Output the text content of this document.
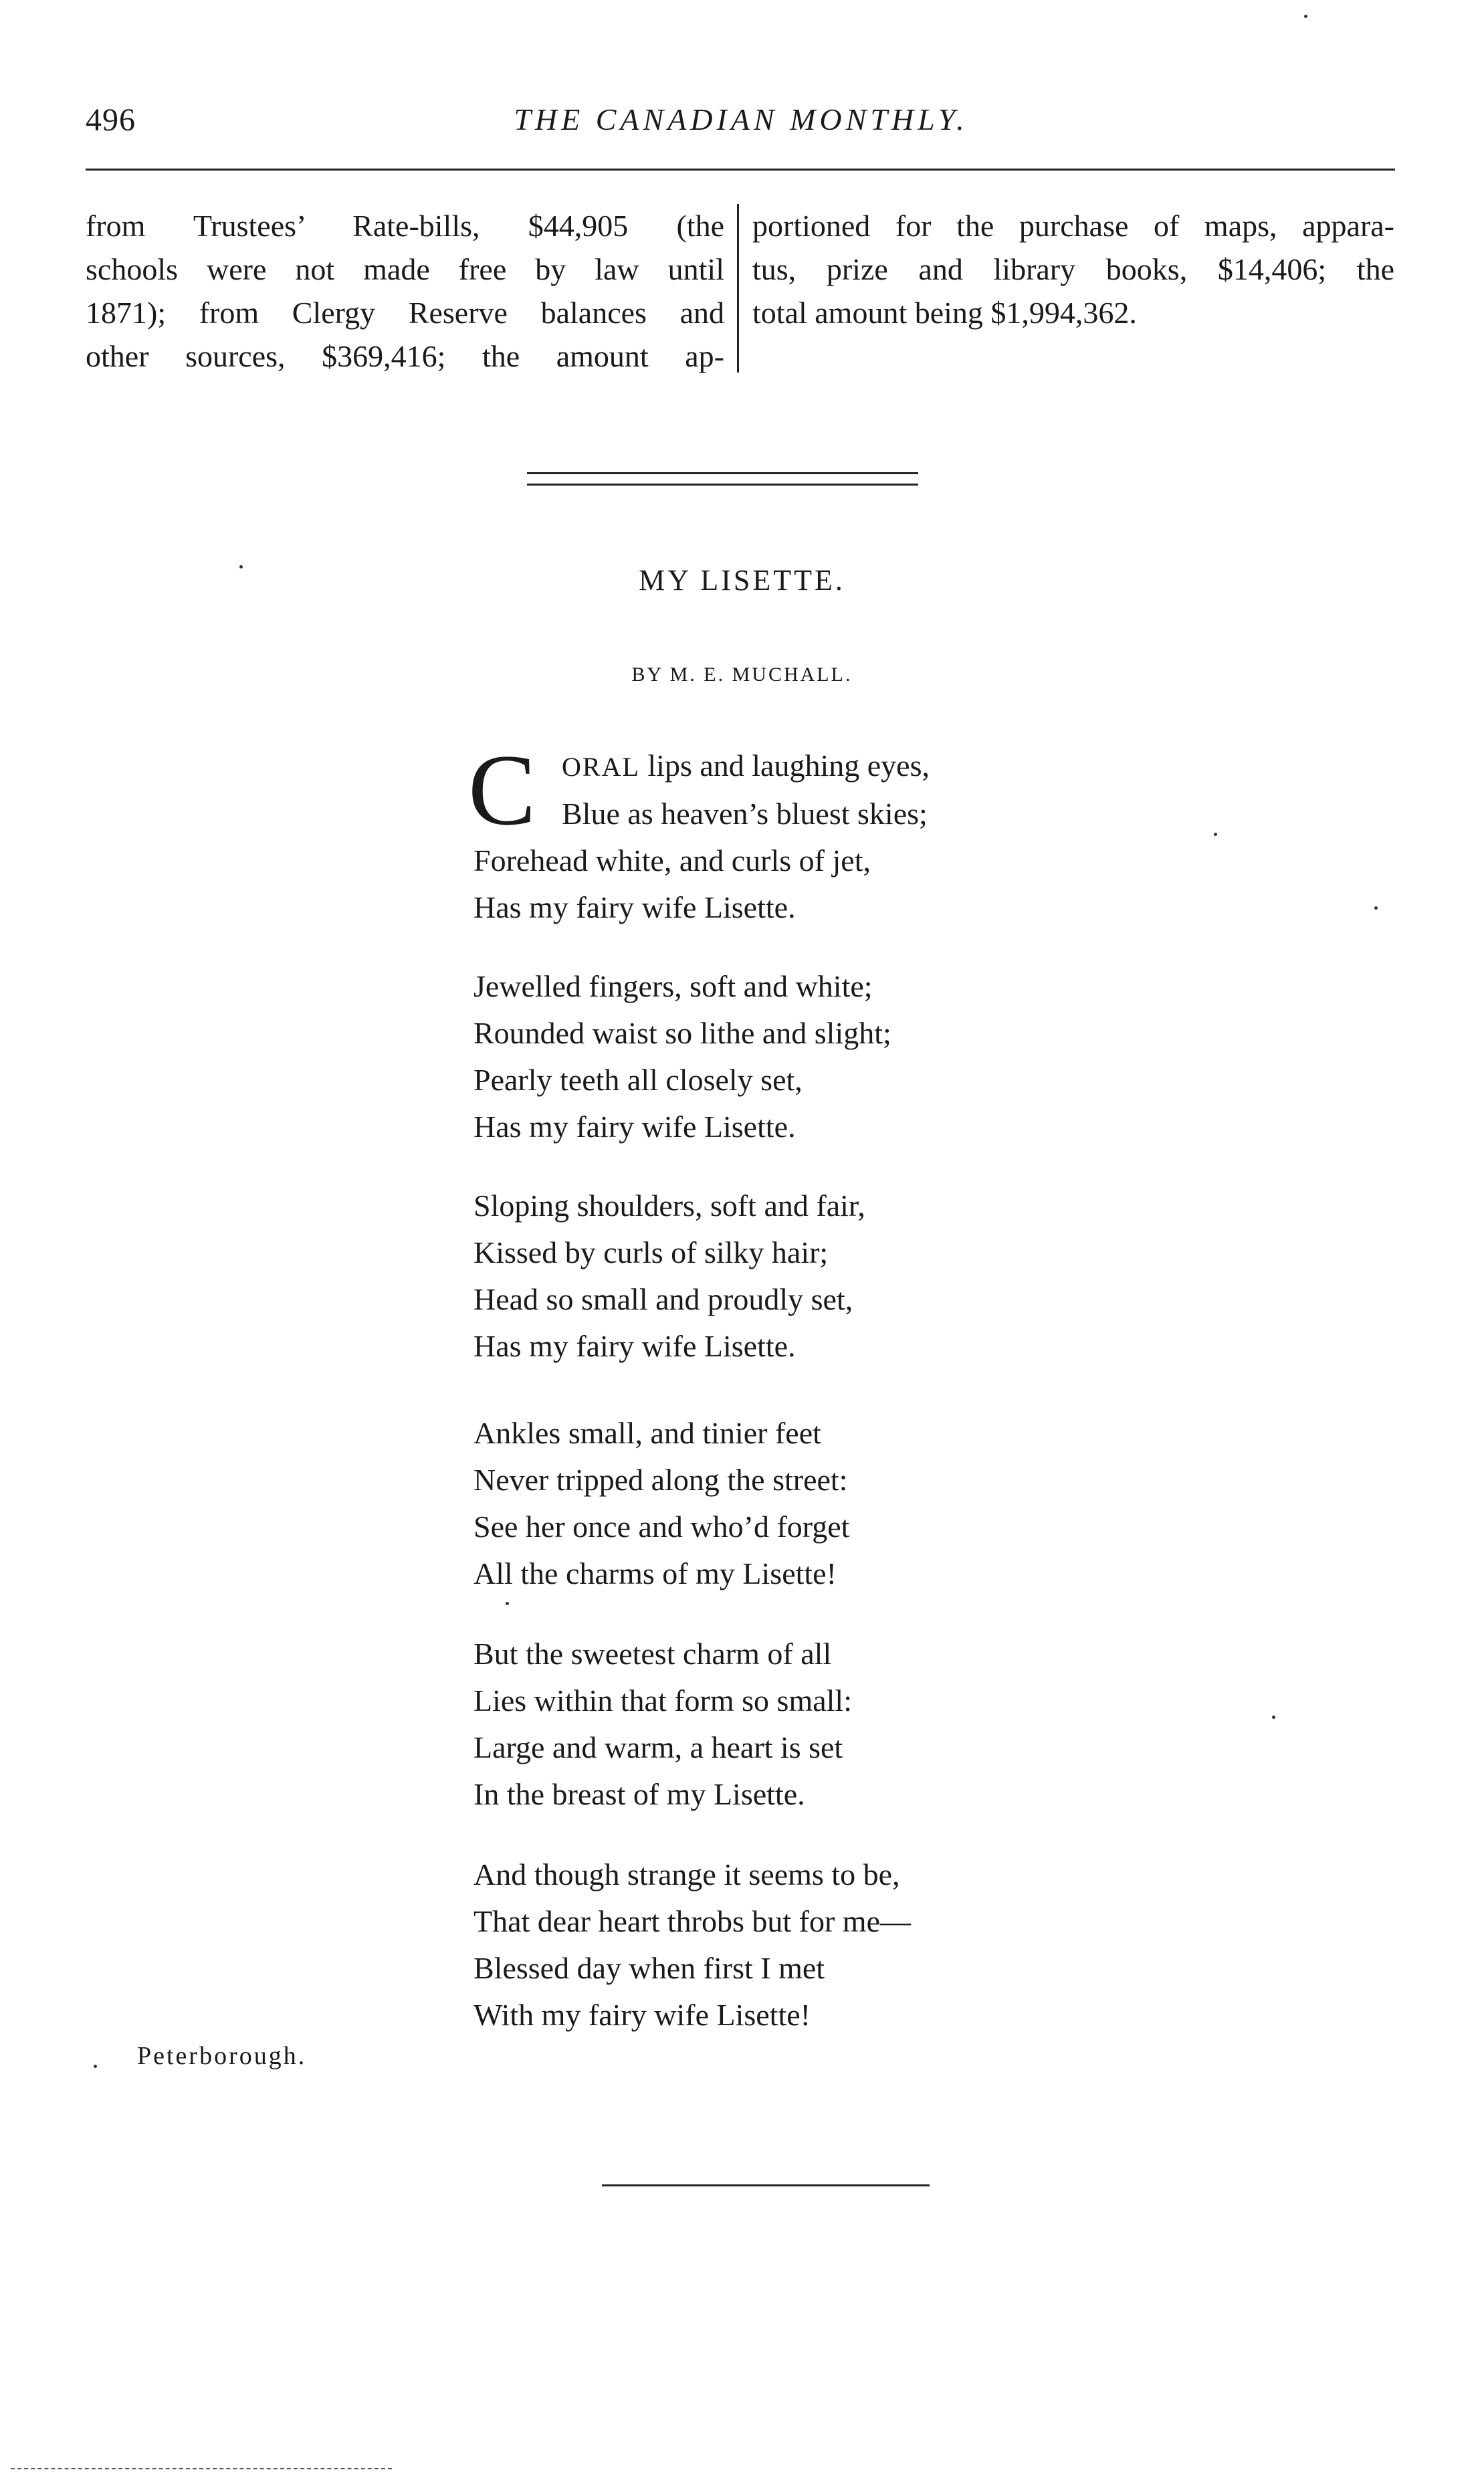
496	THE CANADIAN MONTHLY.
from Trustees’ Rate-bills, $44,905 (the
schools were not made free by law until
1871); from Clergy Reserve balances and
other sources, $369,416; the amount ap-
portioned for the purchase of maps, appara-
tus, prize and library books, $14,406; the
total amount being $1,994,362.
MY LISETTE.
BY M. E. MUCHALL.
C ORAL lips and laughing eyes,
Blue as heaven’s bluest skies;
Forehead white, and curls of jet,
Has my fairy wife Lisette.
Jewelled fingers, soft and white;
Rounded waist so lithe and slight;
Pearly teeth all closely set,
Has my fairy wife Lisette.
Sloping shoulders, soft and fair,
Kissed by curls of silky hair;
Head so small and proudly set,
Has my fairy wife Lisette.
Ankles small, and tinier feet
Never tripped along the street:
See her once and who’d forget
All the charms of my Lisette!
But the sweetest charm of all
Lies within that form so small:
Large and warm, a heart is set
In the breast of my Lisette.
And though strange it seems to be,
That dear heart throbs but for me—
Blessed day when first I met
With my fairy wife Lisette!
Peterborough.
